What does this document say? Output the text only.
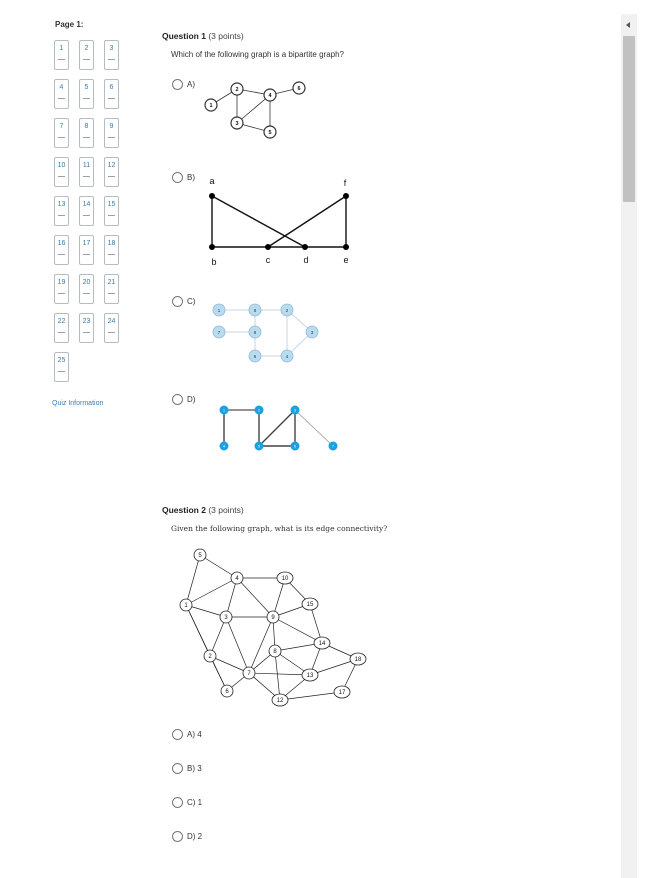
Page 1:
1	2	3
4	5	6
7	8	9
10	11	12
13	14	15
16	17	18
19	20	21
22	23	24
25
Quiz Information
Question 1 (3 points)
Which of the following graph is a bipartite graph?
A)
B)
C)
D)
1
2
3
4
5
6
a
b	c	d	e
f
1	2
3
4
6
7
8
9
1	2	3
4	5	6	7
Question 2 (3 points)
Given the following graph, what is its edge connectivity?
1
2
3
4
5
6
7
8
9
10
12
13
14
15
17
18
A) 4
B) 3
C) 1
D) 2
